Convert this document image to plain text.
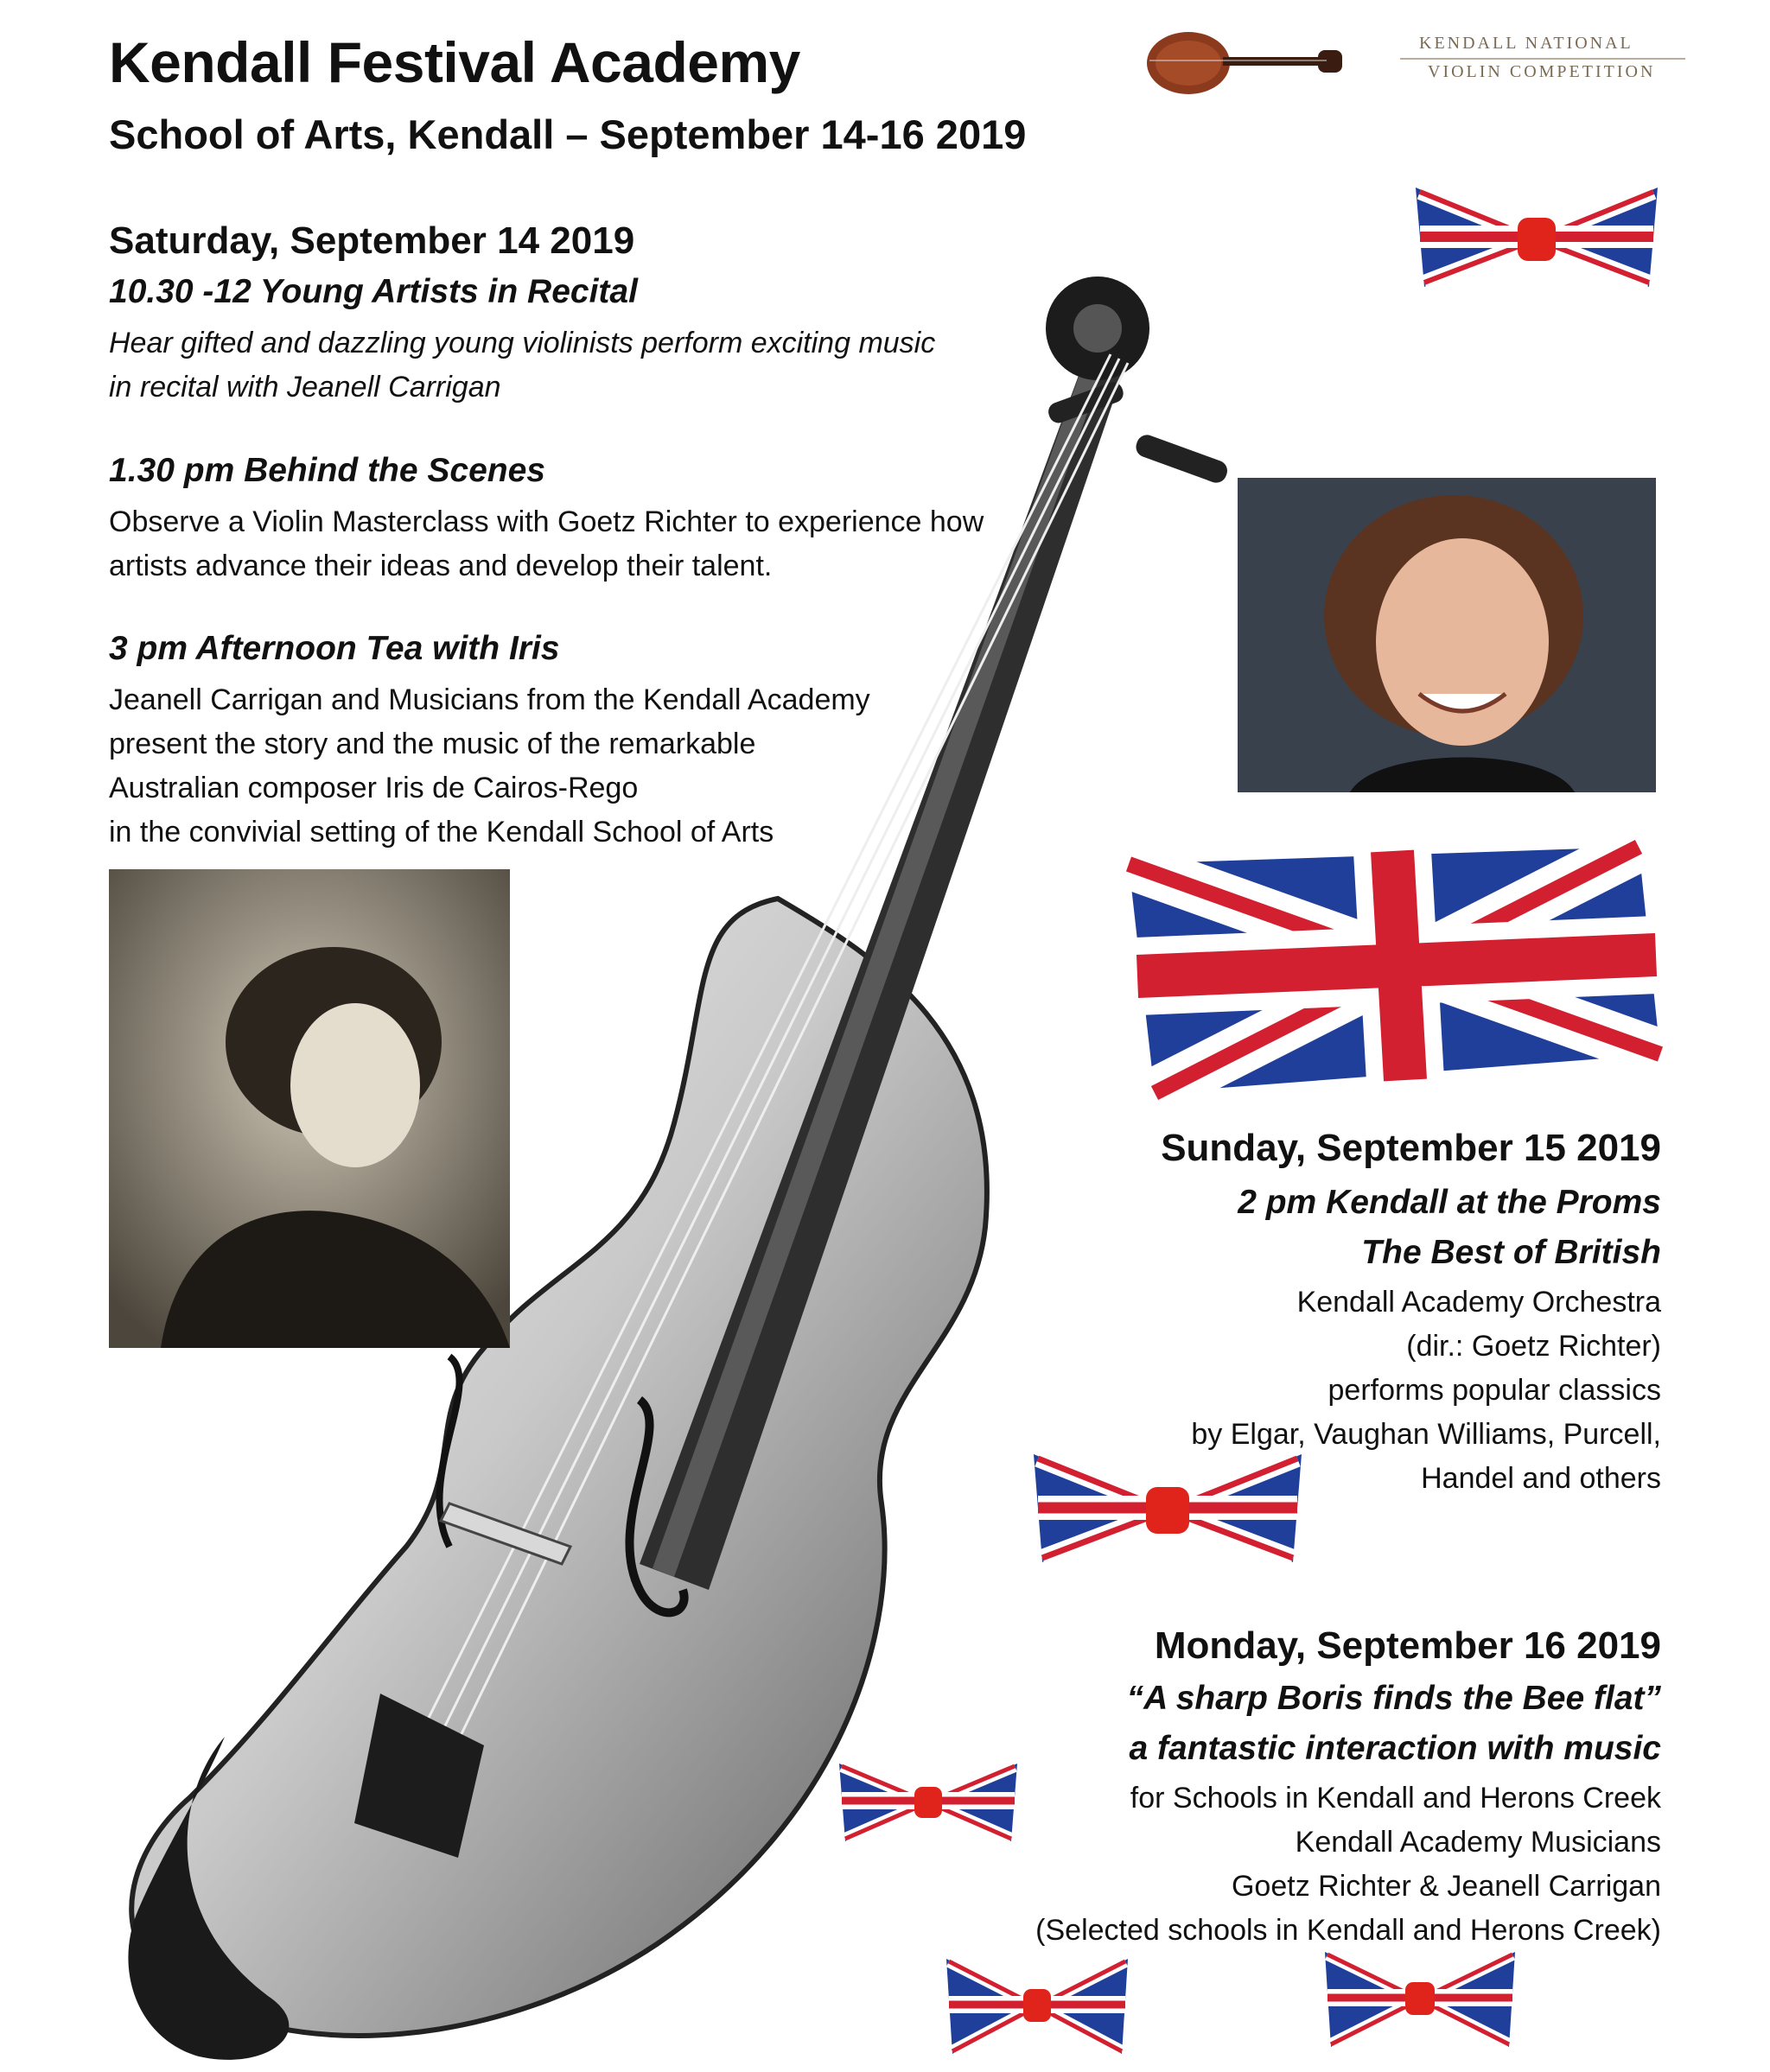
Kendall Festival Academy
School of Arts, Kendall – September 14-16 2019
KENDALL NATIONAL
VIOLIN COMPETITION
Saturday, September 14 2019
10.30 -12 Young Artists in Recital
Hear gifted and dazzling young violinists perform exciting music
in recital with Jeanell Carrigan
1.30 pm Behind the Scenes
Observe a Violin Masterclass with Goetz Richter to experience how
artists advance their ideas and develop their talent.
3 pm Afternoon Tea with Iris
Jeanell Carrigan and Musicians from the Kendall Academy
present the story and the music of the remarkable
Australian composer Iris de Cairos-Rego
in the convivial setting of the Kendall School of Arts
Sunday, September 15 2019
2 pm Kendall at the Proms
The Best of British
Kendall Academy Orchestra
(dir.: Goetz Richter)
performs popular classics
by Elgar, Vaughan Williams, Purcell,
Handel and others
Monday, September 16 2019
“A sharp Boris finds the Bee flat”
a fantastic interaction with music
for Schools in Kendall and Herons Creek
Kendall Academy Musicians
Goetz Richter & Jeanell Carrigan
(Selected schools in Kendall and Herons Creek)
